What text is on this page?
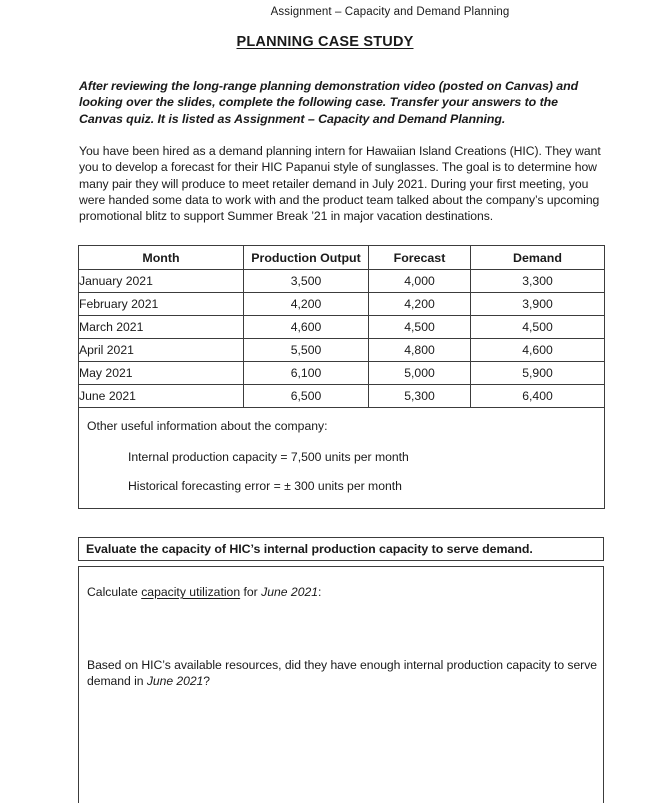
Assignment – Capacity and Demand Planning
PLANNING CASE STUDY
After reviewing the long-range planning demonstration video (posted on Canvas) and looking over the slides, complete the following case. Transfer your answers to the Canvas quiz. It is listed as Assignment – Capacity and Demand Planning.
You have been hired as a demand planning intern for Hawaiian Island Creations (HIC). They want you to develop a forecast for their HIC Papanui style of sunglasses. The goal is to determine how many pair they will produce to meet retailer demand in July 2021. During your first meeting, you were handed some data to work with and the product team talked about the company’s upcoming promotional blitz to support Summer Break ’21 in major vacation destinations.
Month	Production Output	Forecast	Demand
January 2021	3,500	4,000	3,300
February 2021	4,200	4,200	3,900
March 2021	4,600	4,500	4,500
April 2021	5,500	4,800	4,600
May 2021	6,100	5,000	5,900
June 2021	6,500	5,300	6,400

Other useful information about the company:

Internal production capacity = 7,500 units per month

Historical forecasting error = ± 300 units per month			

Evaluate the capacity of HIC’s internal production capacity to serve demand.
Calculate capacity utilization for June 2021:
Based on HIC’s available resources, did they have enough internal production capacity to serve demand in June 2021?
